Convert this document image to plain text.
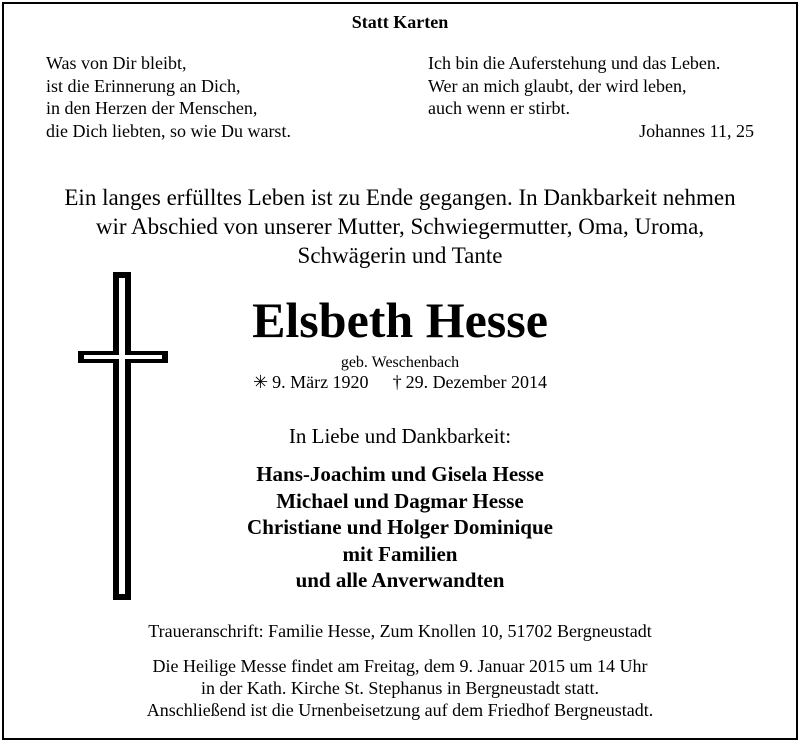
Statt Karten
Was von Dir bleibt,
ist die Erinnerung an Dich,
in den Herzen der Menschen,
die Dich liebten, so wie Du warst.
Ich bin die Auferstehung und das Leben.
Wer an mich glaubt, der wird leben,
auch wenn er stirbt.
Johannes 11, 25
Ein langes erfülltes Leben ist zu Ende gegangen. In Dankbarkeit nehmen
wir Abschied von unserer Mutter, Schwiegermutter, Oma, Uroma,
Schwägerin und Tante
Elsbeth Hesse
geb. Weschenbach
✳ 9. März 1920 † 29. Dezember 2014
In Liebe und Dankbarkeit:
Hans-Joachim und Gisela Hesse
Michael und Dagmar Hesse
Christiane und Holger Dominique
mit Familien
und alle Anverwandten
Traueranschrift: Familie Hesse, Zum Knollen 10, 51702 Bergneustadt
Die Heilige Messe findet am Freitag, dem 9. Januar 2015 um 14 Uhr
in der Kath. Kirche St. Stephanus in Bergneustadt statt.
Anschließend ist die Urnenbeisetzung auf dem Friedhof Bergneustadt.
